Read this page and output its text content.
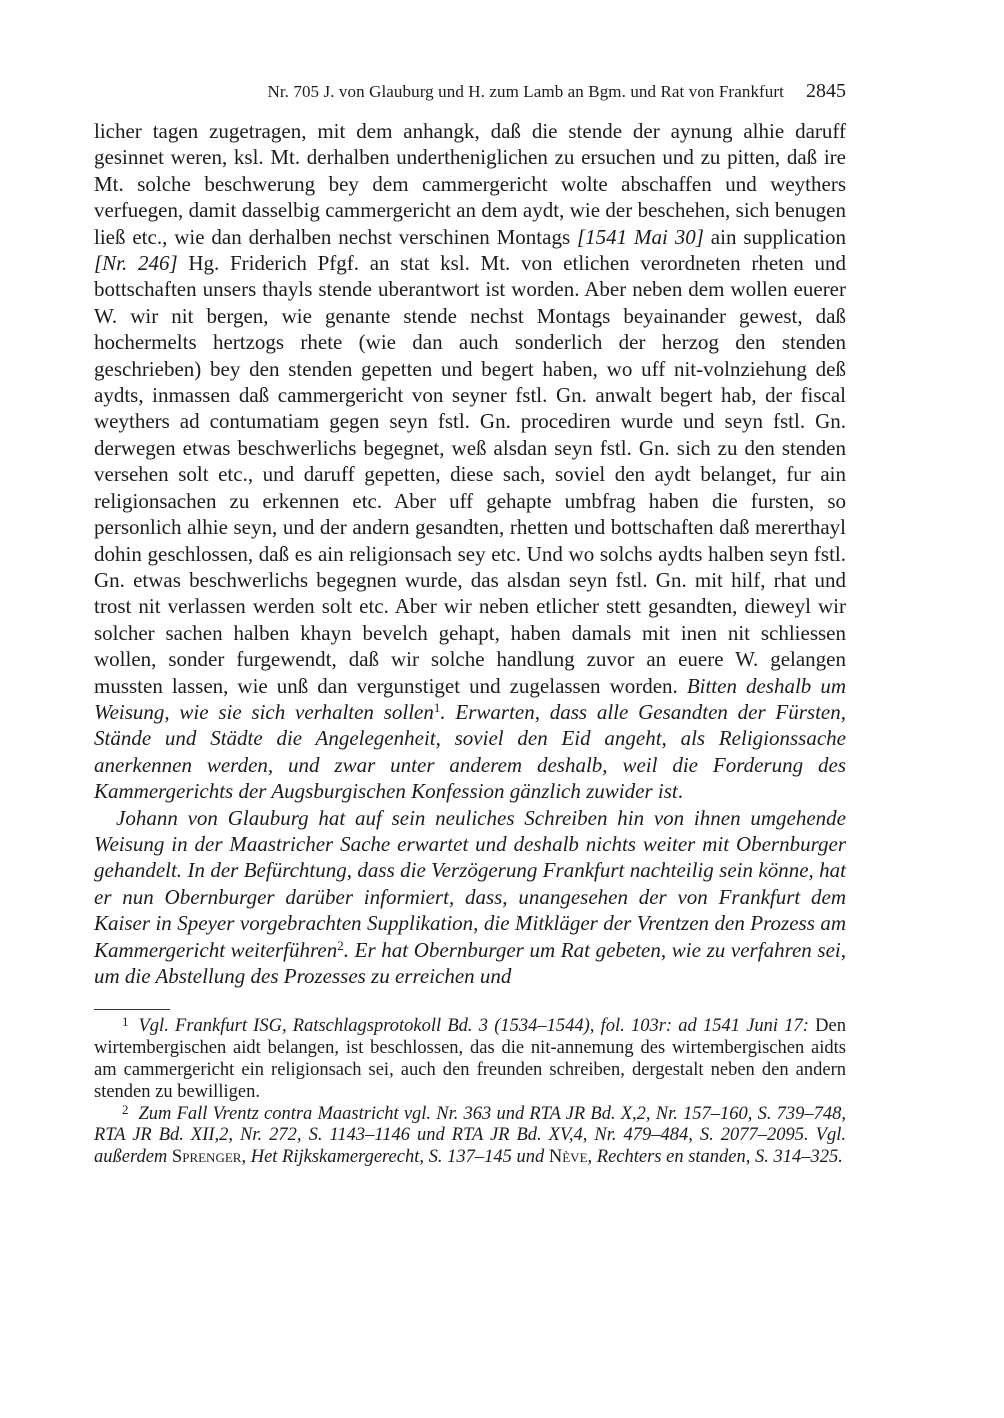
Nr. 705 J. von Glauburg und H. zum Lamb an Bgm. und Rat von Frankfurt 2845

licher tagen zugetragen, mit dem anhangk, daß die stende der aynung alhie daruff gesinnet weren, ksl. Mt. derhalben undertheniglichen zu ersuchen und zu pitten, daß ire Mt. solche beschwerung bey dem cammergericht wolte abschaffen und weythers verfuegen, damit dasselbig cammergericht an dem aydt, wie der beschehen, sich benugen ließ etc., wie dan derhalben nechst verschinen Montags [1541 Mai 30] ain supplication [Nr. 246] Hg. Friderich Pfgf. an stat ksl. Mt. von etlichen verordneten rheten und bottschaften unsers thayls stende uberantwort ist worden. Aber neben dem wollen euerer W. wir nit bergen, wie genante stende nechst Montags beyainander gewest, daß hochermelts hertzogs rhete (wie dan auch sonderlich der herzog den stenden geschrieben) bey den stenden gepetten und begert haben, wo uff nit-volnziehung deß aydts, inmassen daß cammergericht von seyner fstl. Gn. anwalt begert hab, der fiscal weythers ad contumatiam gegen seyn fstl. Gn. procediren wurde und seyn fstl. Gn. derwegen etwas beschwerlichs begegnet, weß alsdan seyn fstl. Gn. sich zu den stenden versehen solt etc., und daruff gepetten, diese sach, soviel den aydt belanget, fur ain religionsachen zu erkennen etc. Aber uff gehapte umbfrag haben die fursten, so personlich alhie seyn, und der andern gesandten, rhetten und bottschaften daß mererthayl dohin geschlossen, daß es ain religionsach sey etc. Und wo solchs aydts halben seyn fstl. Gn. etwas beschwerlichs begegnen wurde, das alsdan seyn fstl. Gn. mit hilf, rhat und trost nit verlassen werden solt etc. Aber wir neben etlicher stett gesandten, dieweyl wir solcher sachen halben khayn bevelch gehapt, haben damals mit inen nit schliessen wollen, sonder furgewendt, daß wir solche handlung zuvor an euere W. gelangen mussten lassen, wie unß dan vergunstiget und zugelassen worden. Bitten deshalb um Weisung, wie sie sich verhalten sollen$^1$. Erwarten, dass alle Gesandten der Fürsten, Stände und Städte die Angelegenheit, soviel den Eid angeht, als Religionssache anerkennen werden, und zwar unter anderem deshalb, weil die Forderung des Kammergerichts der Augsburgischen Konfession gänzlich zuwider ist.

Johann von Glauburg hat auf sein neuliches Schreiben hin von ihnen umgehende Weisung in der Maastricher Sache erwartet und deshalb nichts weiter mit Obernburger gehandelt. In der Befürchtung, dass die Verzögerung Frankfurt nachteilig sein könne, hat er nun Obernburger darüber informiert, dass, unangesehen der von Frankfurt dem Kaiser in Speyer vorgebrachten Supplikation, die Mitkläger der Vrentzen den Prozess am Kammergericht weiterführen$^2$. Er hat Obernburger um Rat gebeten, wie zu verfahren sei, um die Abstellung des Prozesses zu erreichen und

$^1$ Vgl. Frankfurt ISG, Ratschlagsprotokoll Bd. 3 (1534–1544), fol. 103r: ad 1541 Juni 17: Den wirtembergischen aidt belangen, ist beschlossen, das die nit-annemung des wirtembergischen aidts am cammergericht ein religionsach sei, auch den freunden schreiben, dergestalt neben den andern stenden zu bewilligen.

$^2$ Zum Fall Vrentz contra Maastricht vgl. Nr. 363 und RTA JR Bd. X,2, Nr. 157–160, S. 739–748, RTA JR Bd. XII,2, Nr. 272, S. 1143–1146 und RTA JR Bd. XV,4, Nr. 479–484, S. 2077–2095. Vgl. außerdem Sprenger, Het Rijkskamergerecht, S. 137–145 und Nève, Rechters en standen, S. 314–325.
